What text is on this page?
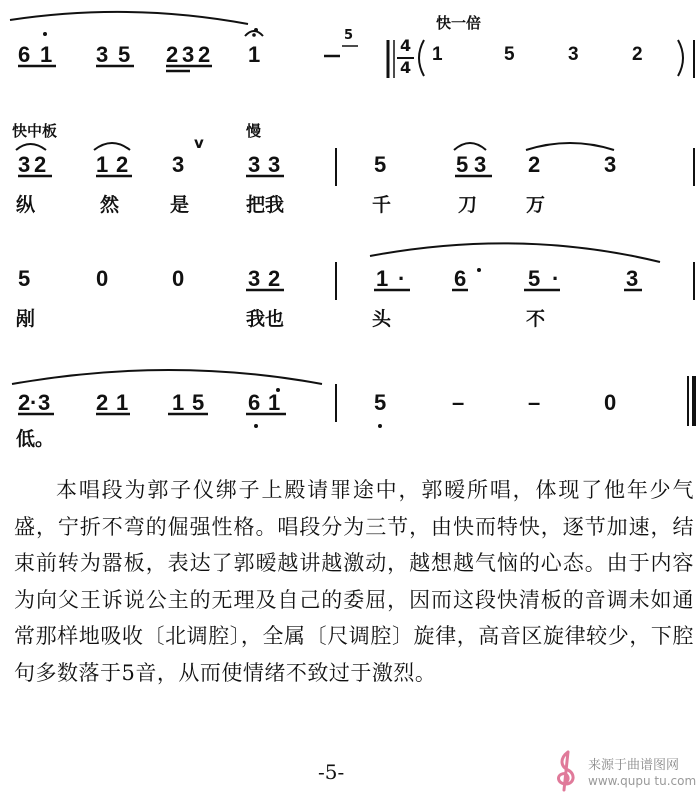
快一倍
6 1 3 5 2 3 2 1
5
4
4
1	5	3	2
快中板	慢
v
3 2 1 2 3	3 3	5	5 3 2	3
纵	然	是	把我	千	刀	万
5	0	0	3 2	1 · 6	5 ·	3
剐	我也	头	不
2 · 3 2 1 1 5 6 1	5	–	–	0
低。

本唱段为郭子仪绑子上殿请罪途中，郭暧所唱，体现了他年少气盛，宁折不弯的倔强性格。唱段分为三节，由快而特快，逐节加速，结束前转为嚣板，表达了郭暧越讲越激动，越想越气恼的心态。由于内容为向父王诉说公主的无理及自己的委屈，因而这段快清板的音调未如通常那样地吸收〔北调腔〕，全属〔尺调腔〕旋律，高音区旋律较少，下腔句多数落于5音，从而使情绪不致过于激烈。

-5-	来源于曲谱图网
www.qupu tu.com
